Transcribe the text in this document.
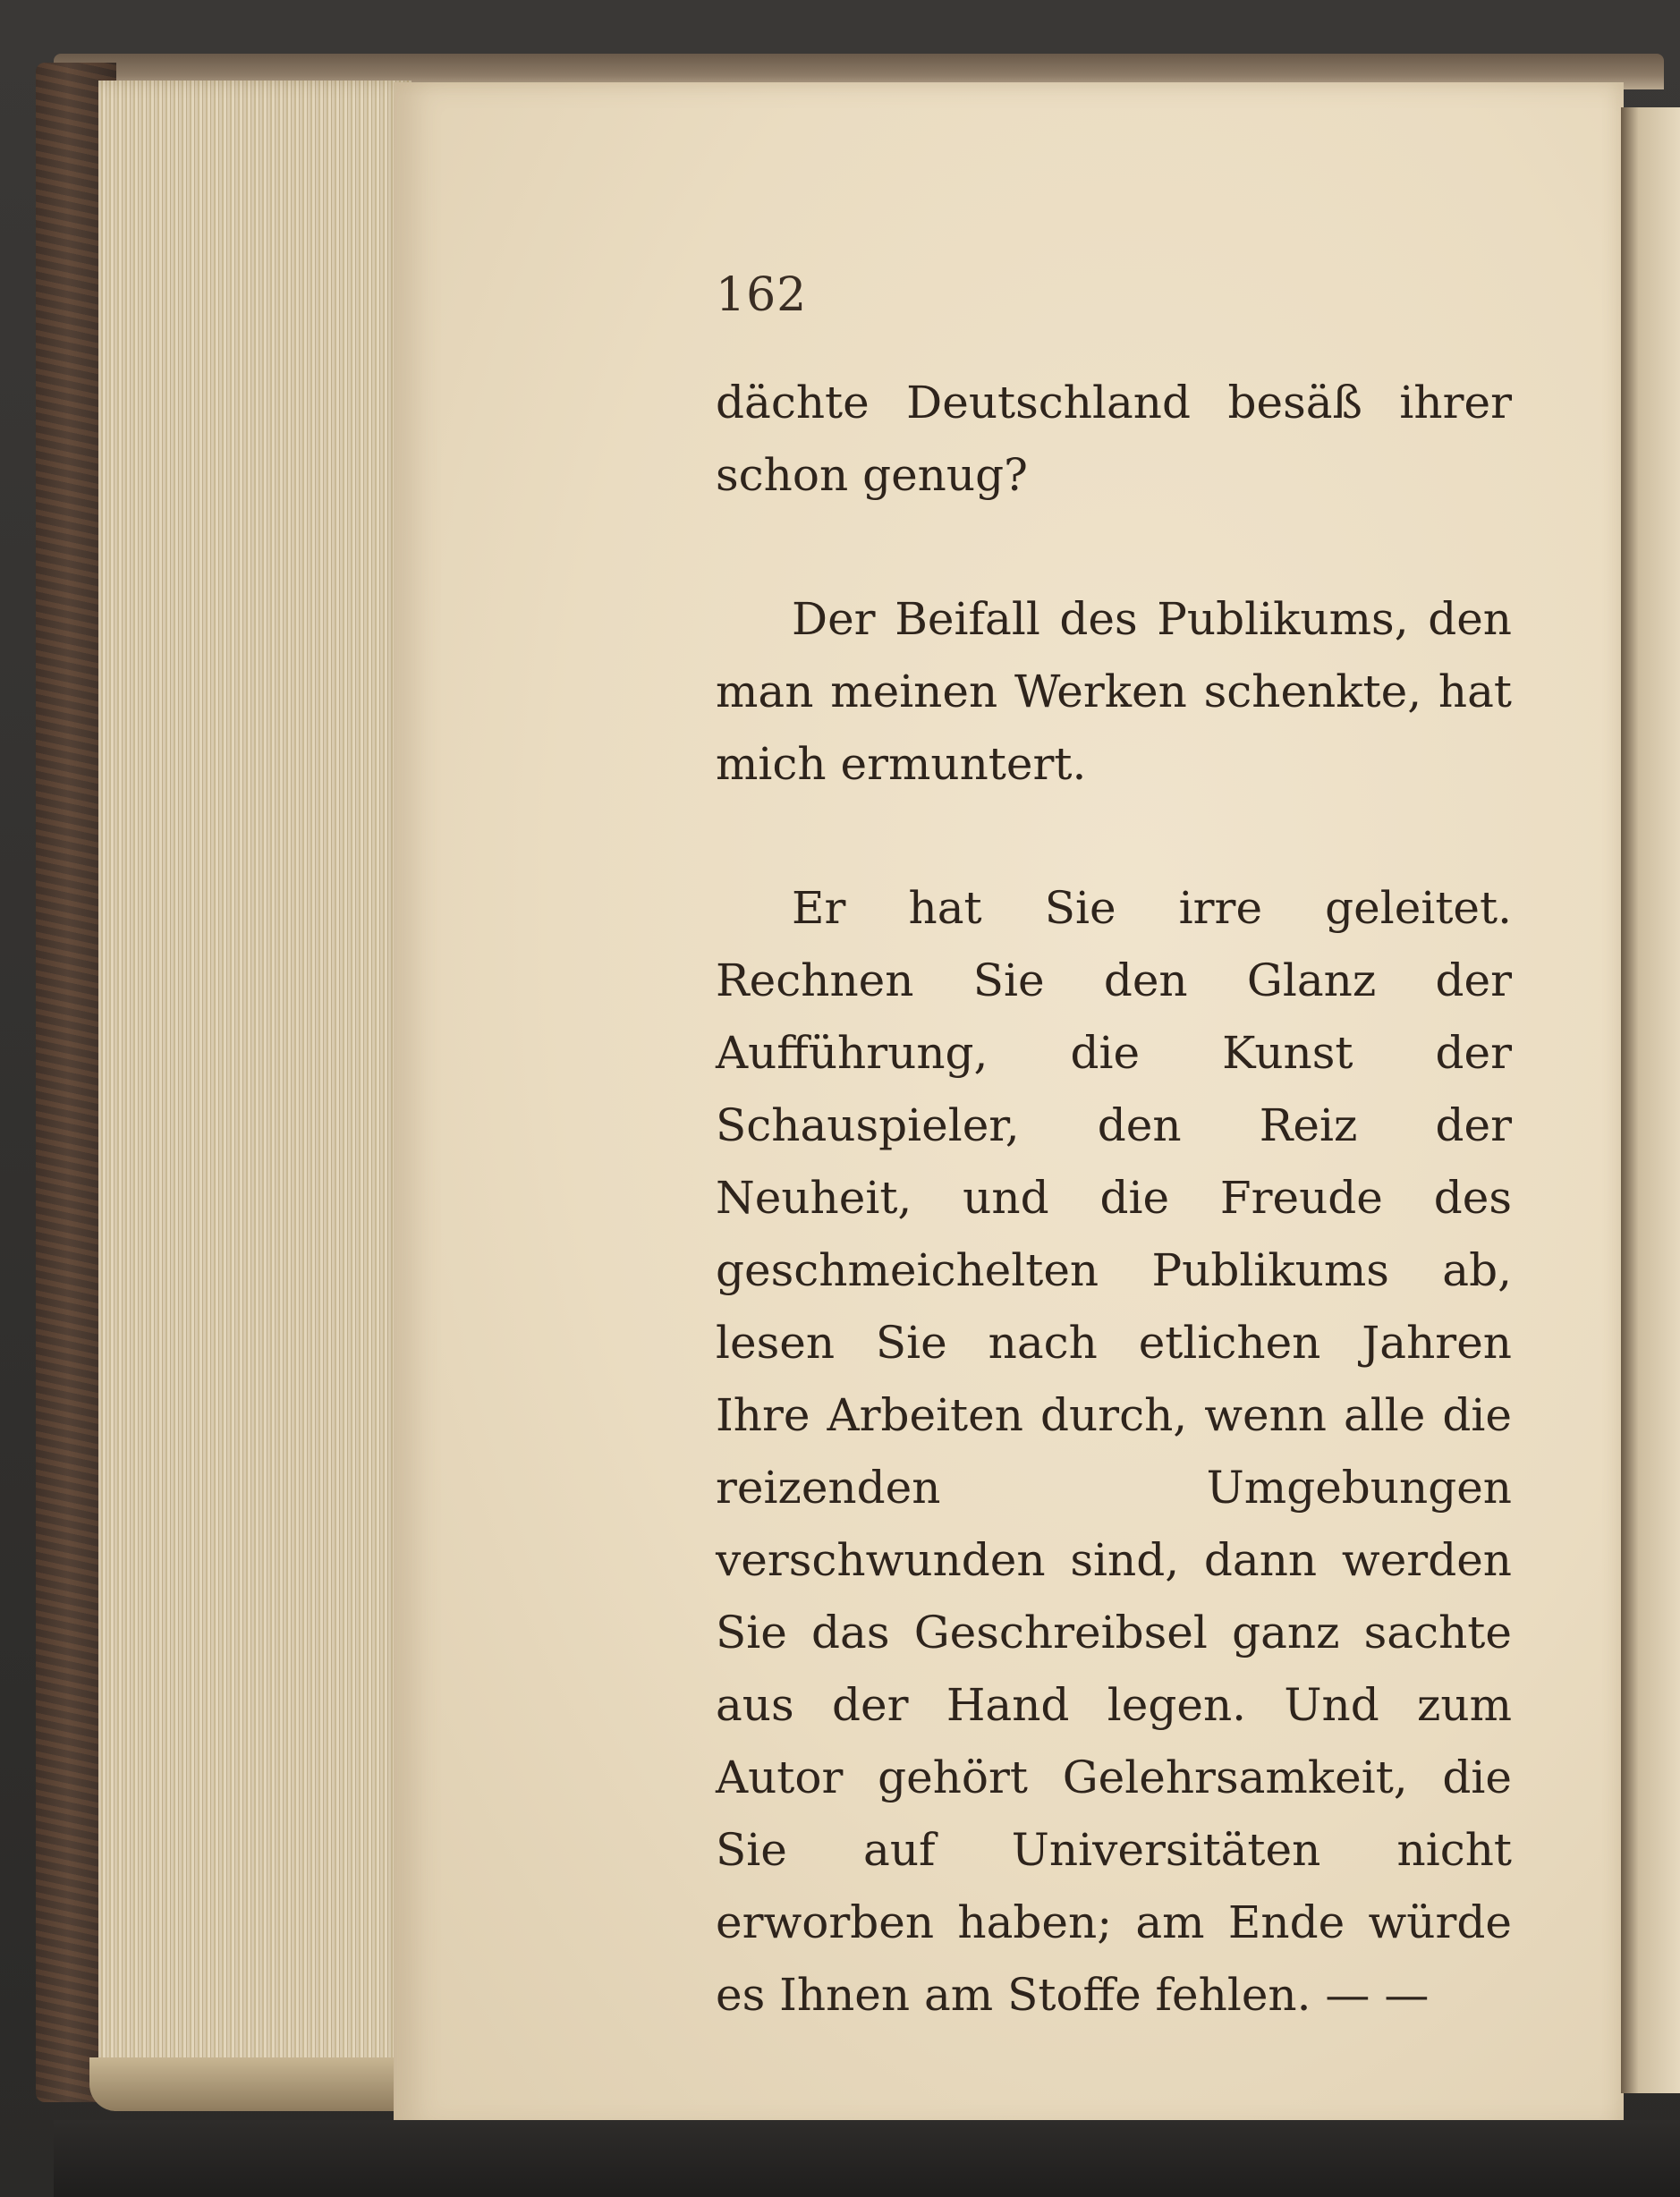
162

dächte Deutschland besäß ihrer schon genug?

Der Beifall des Publikums, den man meinen Werken schenkte, hat mich ermuntert.

Er hat Sie irre geleitet. Rechnen Sie den Glanz der Aufführung, die Kunst der Schauspieler, den Reiz der Neuheit, und die Freude des geschmeichelten Publikums ab, lesen Sie nach etlichen Jahren Ihre Arbeiten durch, wenn alle die reizenden Umgebungen verschwunden sind, dann werden Sie das Geschreibsel ganz sachte aus der Hand legen. Und zum Autor gehört Gelehrsamkeit, die Sie auf Universitäten nicht erworben haben; am Ende würde es Ihnen am Stoffe fehlen. — —
